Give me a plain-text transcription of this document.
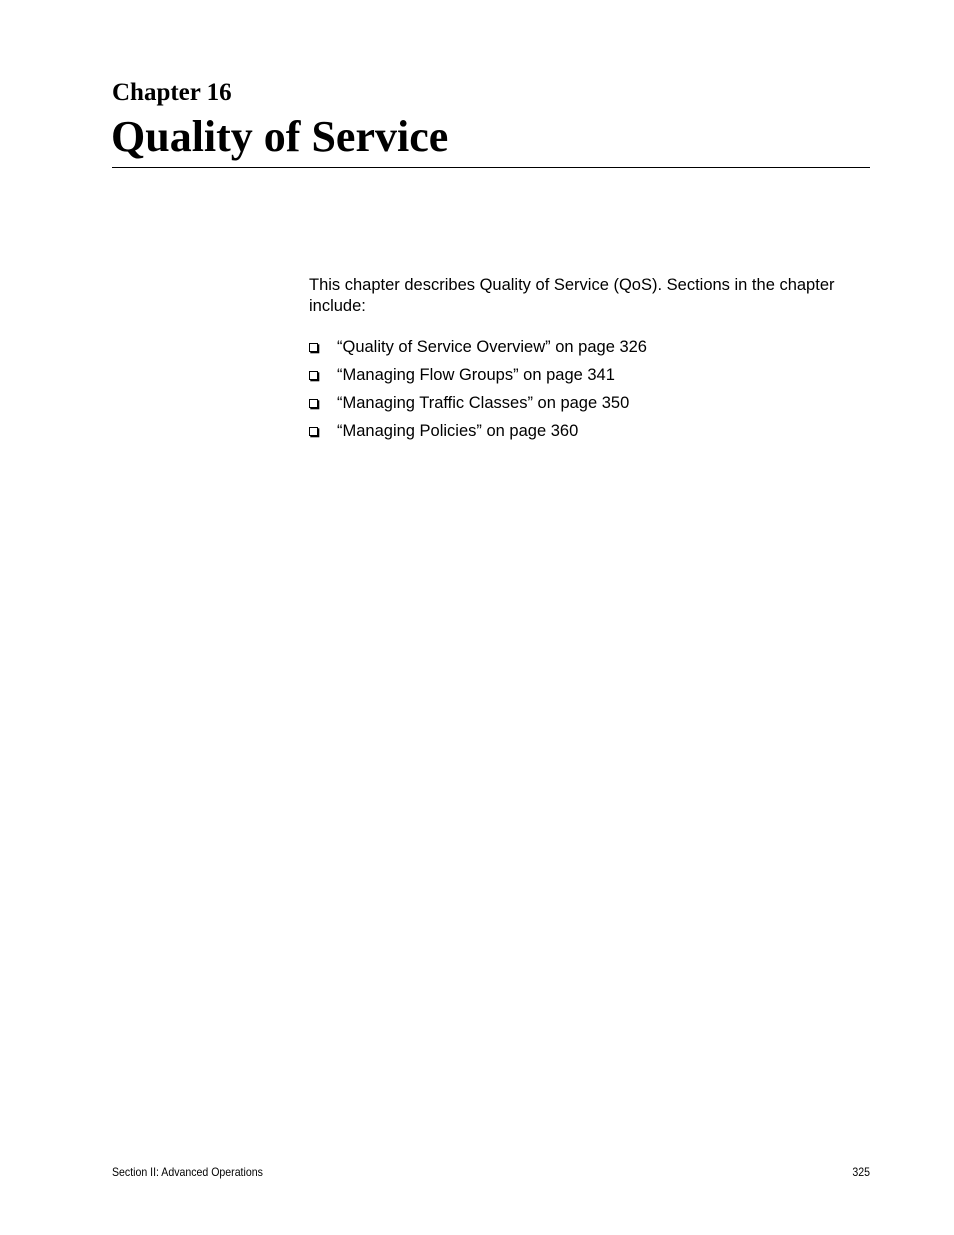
Chapter 16
Quality of Service

This chapter describes Quality of Service (QoS). Sections in the chapter include:

“Quality of Service Overview” on page 326
“Managing Flow Groups” on page 341
“Managing Traffic Classes” on page 350
“Managing Policies” on page 360
Section II: Advanced Operations	325
